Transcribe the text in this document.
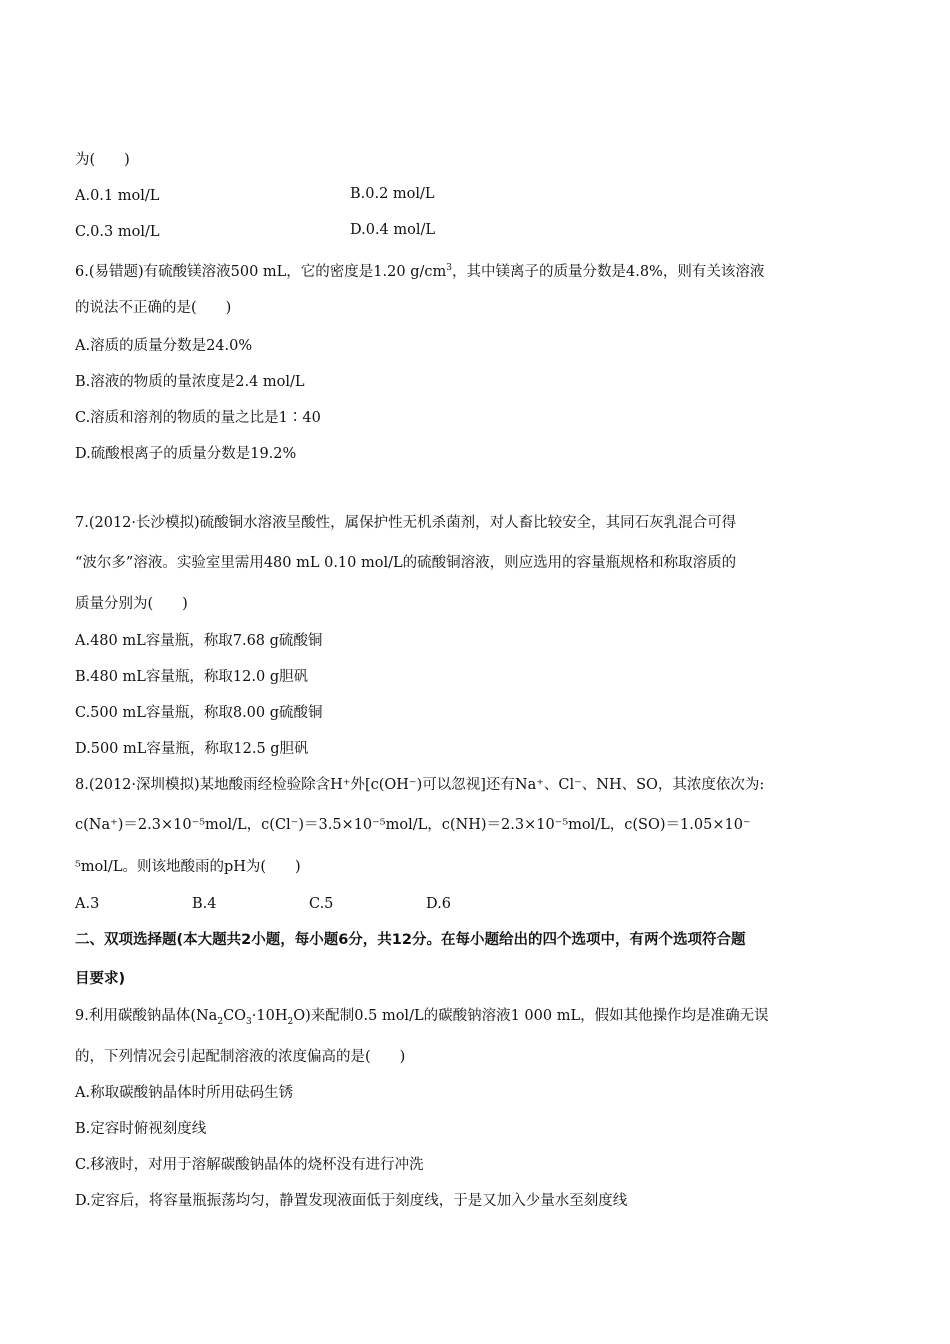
为(　　)
A.0.1 mol/L	B.0.2 mol/L
C.0.3 mol/L	D.0.4 mol/L
6.(易错题)有硫酸镁溶液500 mL，它的密度是1.20 $g/cm^3$，其中镁离子的质量分数是4.8%，则有关该溶液
的说法不正确的是(　　)
A.溶质的质量分数是24.0%
B.溶液的物质的量浓度是2.4 mol/L
C.溶质和溶剂的物质的量之比是1∶40
D.硫酸根离子的质量分数是19.2%
7.(2012·长沙模拟)硫酸铜水溶液呈酸性，属保护性无机杀菌剂，对人畜比较安全，其同石灰乳混合可得
“波尔多”溶液。实验室里需用480 mL 0.10 mol/L的硫酸铜溶液，则应选用的容量瓶规格和称取溶质的
质量分别为(　　)
A.480 mL容量瓶，称取7.68 g硫酸铜
B.480 mL容量瓶，称取12.0 g胆矾
C.500 mL容量瓶，称取8.00 g硫酸铜
D.500 mL容量瓶，称取12.5 g胆矾
8.(2012·深圳模拟)某地酸雨经检验除含H⁺外[c(OH⁻)可以忽视]还有Na⁺、Cl⁻、NH、SO，其浓度依次为:
c(Na⁺)＝2.3×10⁻⁵mol/L，c(Cl⁻)＝3.5×10⁻⁵mol/L，c(NH)＝2.3×10⁻⁵mol/L，c(SO)＝1.05×10⁻
⁵mol/L。则该地酸雨的pH为(　　)
A.3	B.4	C.5	D.6
二、双项选择题(本大题共2小题，每小题6分，共12分。在每小题给出的四个选项中，有两个选项符合题
目要求)
9.利用碳酸钠晶体$(Na_2CO_3\cdot 10H_2O)$来配制0.5 mol/L的碳酸钠溶液1 000 mL，假如其他操作均是准确无误
的，下列情况会引起配制溶液的浓度偏高的是(　　)
A.称取碳酸钠晶体时所用砝码生锈
B.定容时俯视刻度线
C.移液时，对用于溶解碳酸钠晶体的烧杯没有进行冲洗
D.定容后，将容量瓶振荡均匀，静置发现液面低于刻度线，于是又加入少量水至刻度线
